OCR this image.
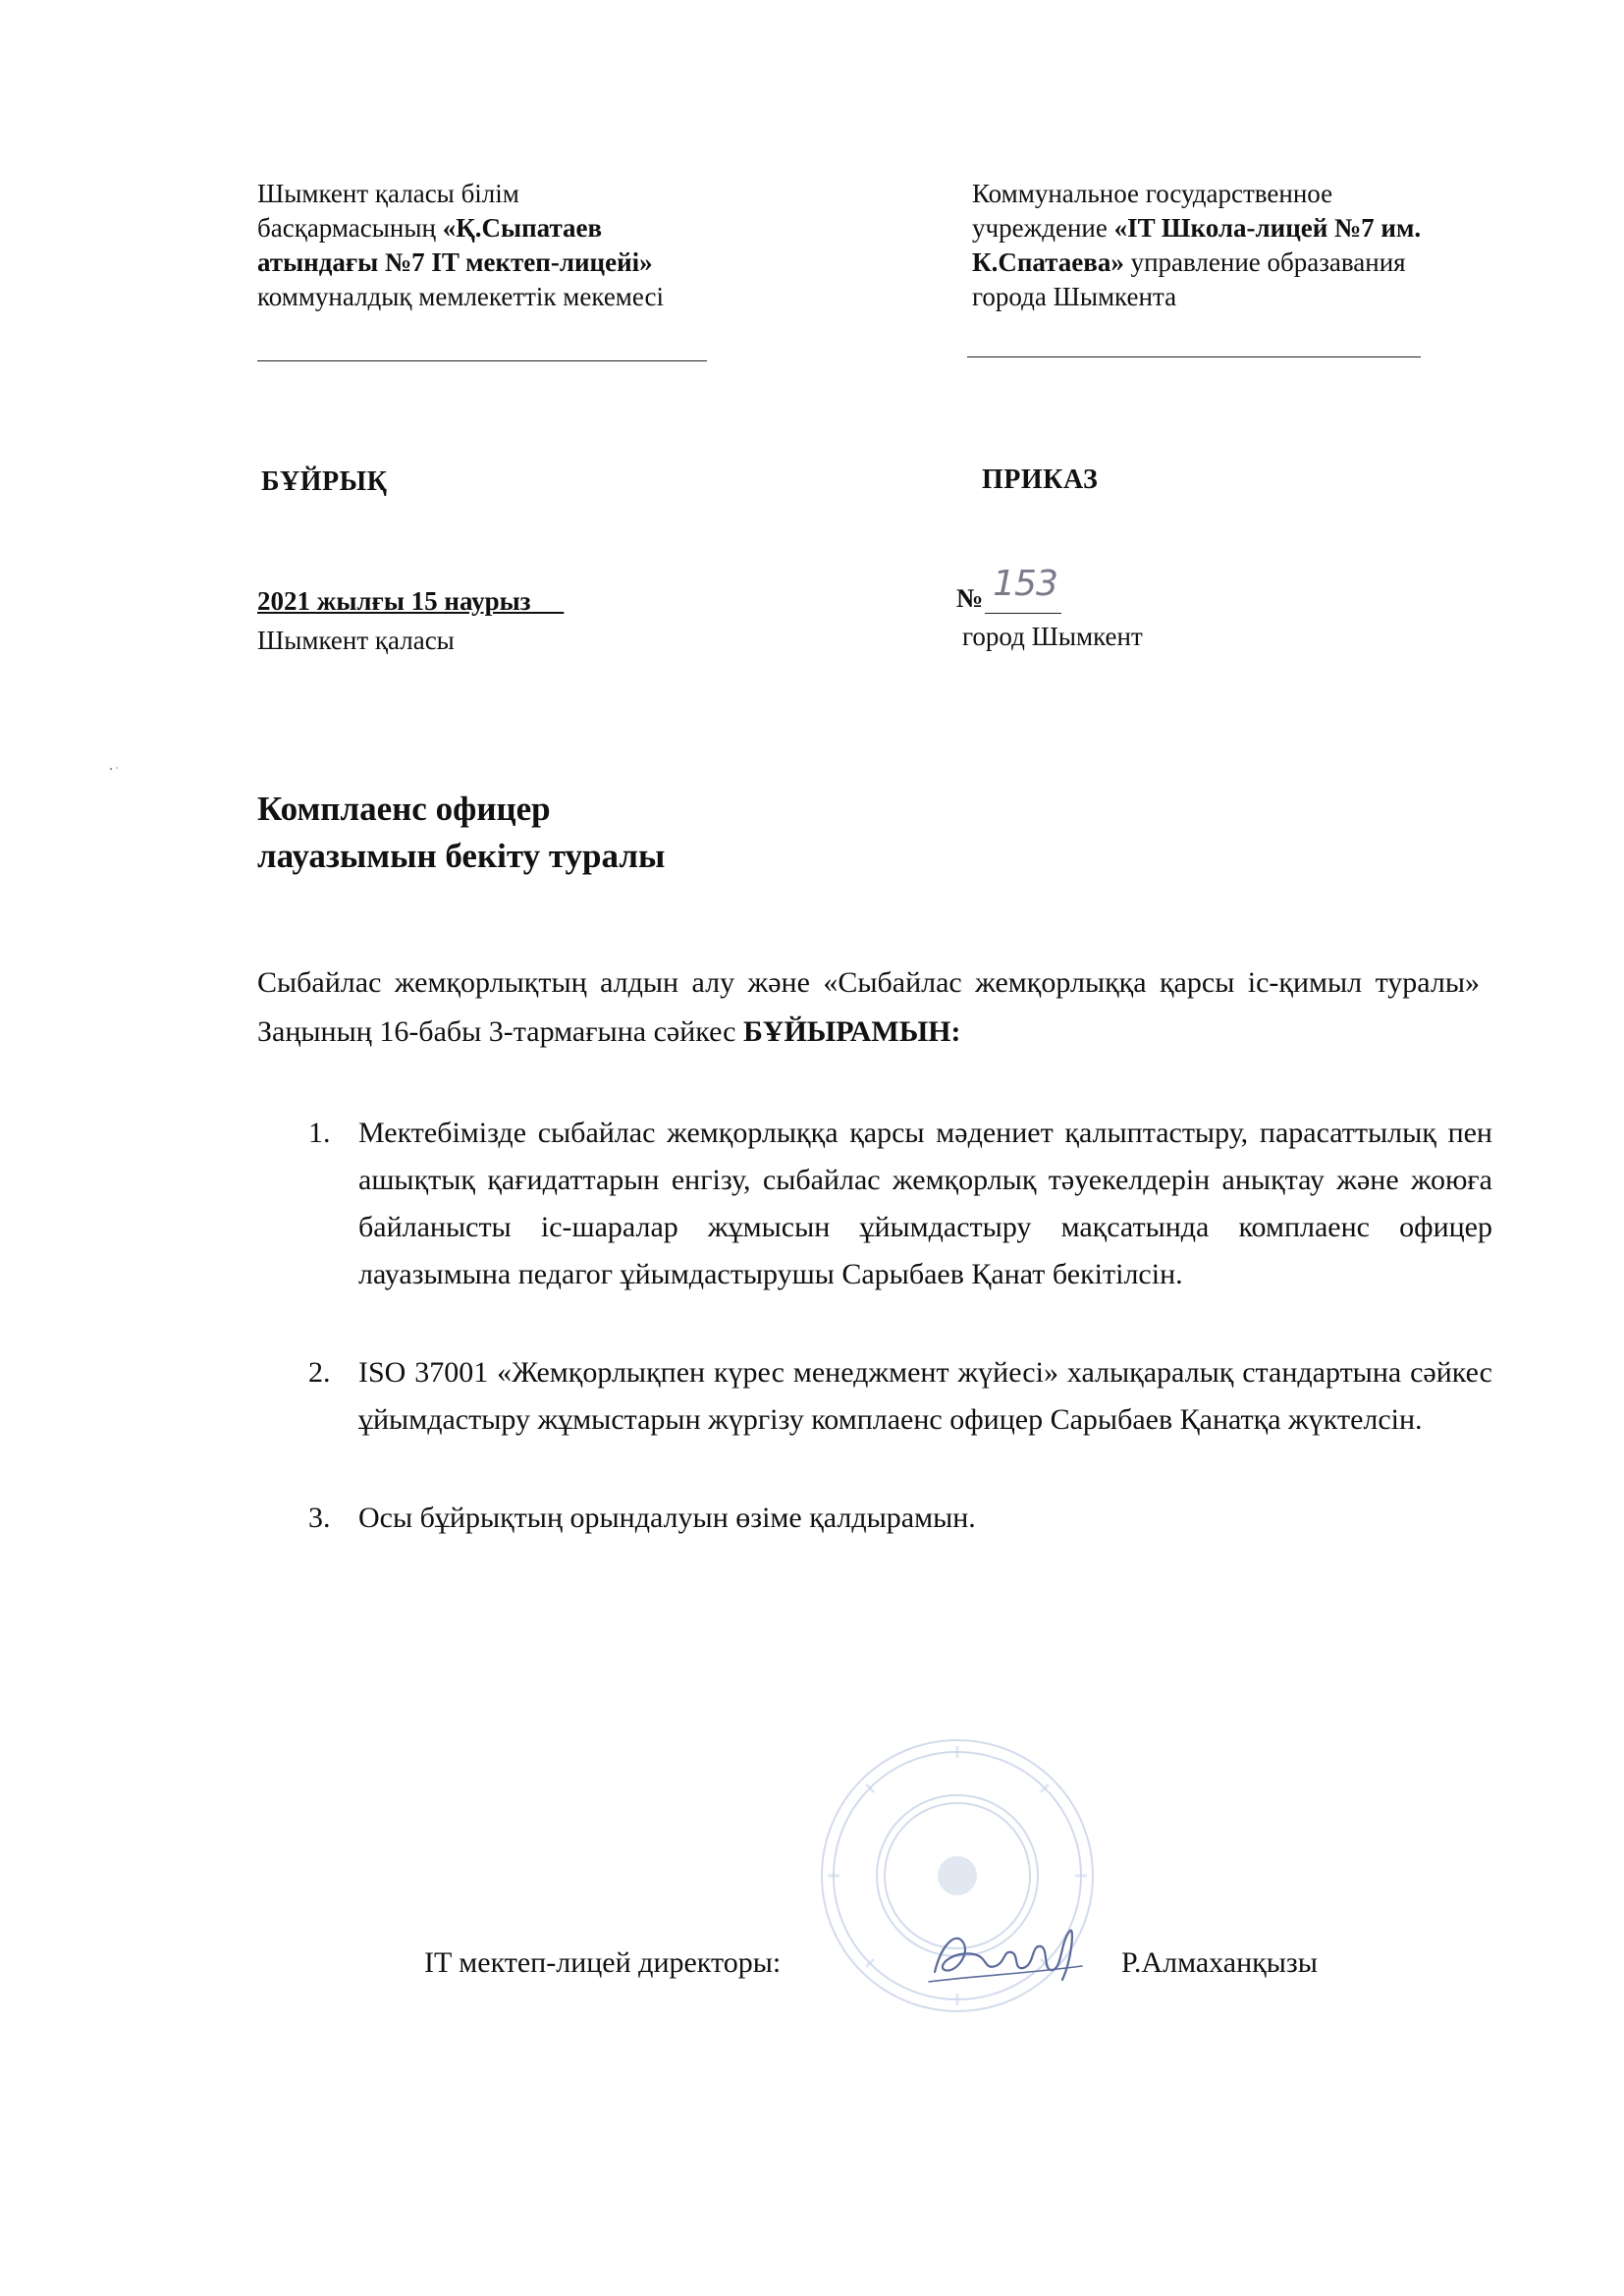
Шымкент қаласы білім
басқармасының «Қ.Сыпатаев
атындағы №7 IT мектеп-лицейі»
коммуналдық мемлекеттік мекемесі
Коммунальное государственное
учреждение «IT Школа-лицей №7 им.
К.Спатаева» управление образавания
города Шымкента
БҰЙРЫҚ	ПРИКАЗ
2021 жылғы 15 наурыз
Шымкент қаласы
№ 153
город Шымкент
Комплаенс офицер
лауазымын бекіту туралы
Сыбайлас жемқорлықтың алдын алу және «Сыбайлас жемқорлыққа қарсы іс-қимыл туралы» Заңының 16-бабы 3-тармағына сәйкес БҰЙЫРАМЫН:
1. Мектебімізде сыбайлас жемқорлыққа қарсы мәдениет қалыптастыру, парасаттылық пен ашықтық қағидаттарын енгізу, сыбайлас жемқорлық тәуекелдерін анықтау және жоюға байланысты іс-шаралар жұмысын ұйымдастыру мақсатында комплаенс офицер лауазымына педагог ұйымдастырушы Сарыбаев Қанат бекітілсін.
2. ISO 37001 «Жемқорлықпен күрес менеджмент жүйесі» халықаралық стандартына сәйкес ұйымдастыру жұмыстарын жүргізу комплаенс офицер Сарыбаев Қанатқа жүктелсін.
3. Осы бұйрықтың орындалуын өзіме қалдырамын.
IT мектеп-лицей директоры:	Р.Алмаханқызы
